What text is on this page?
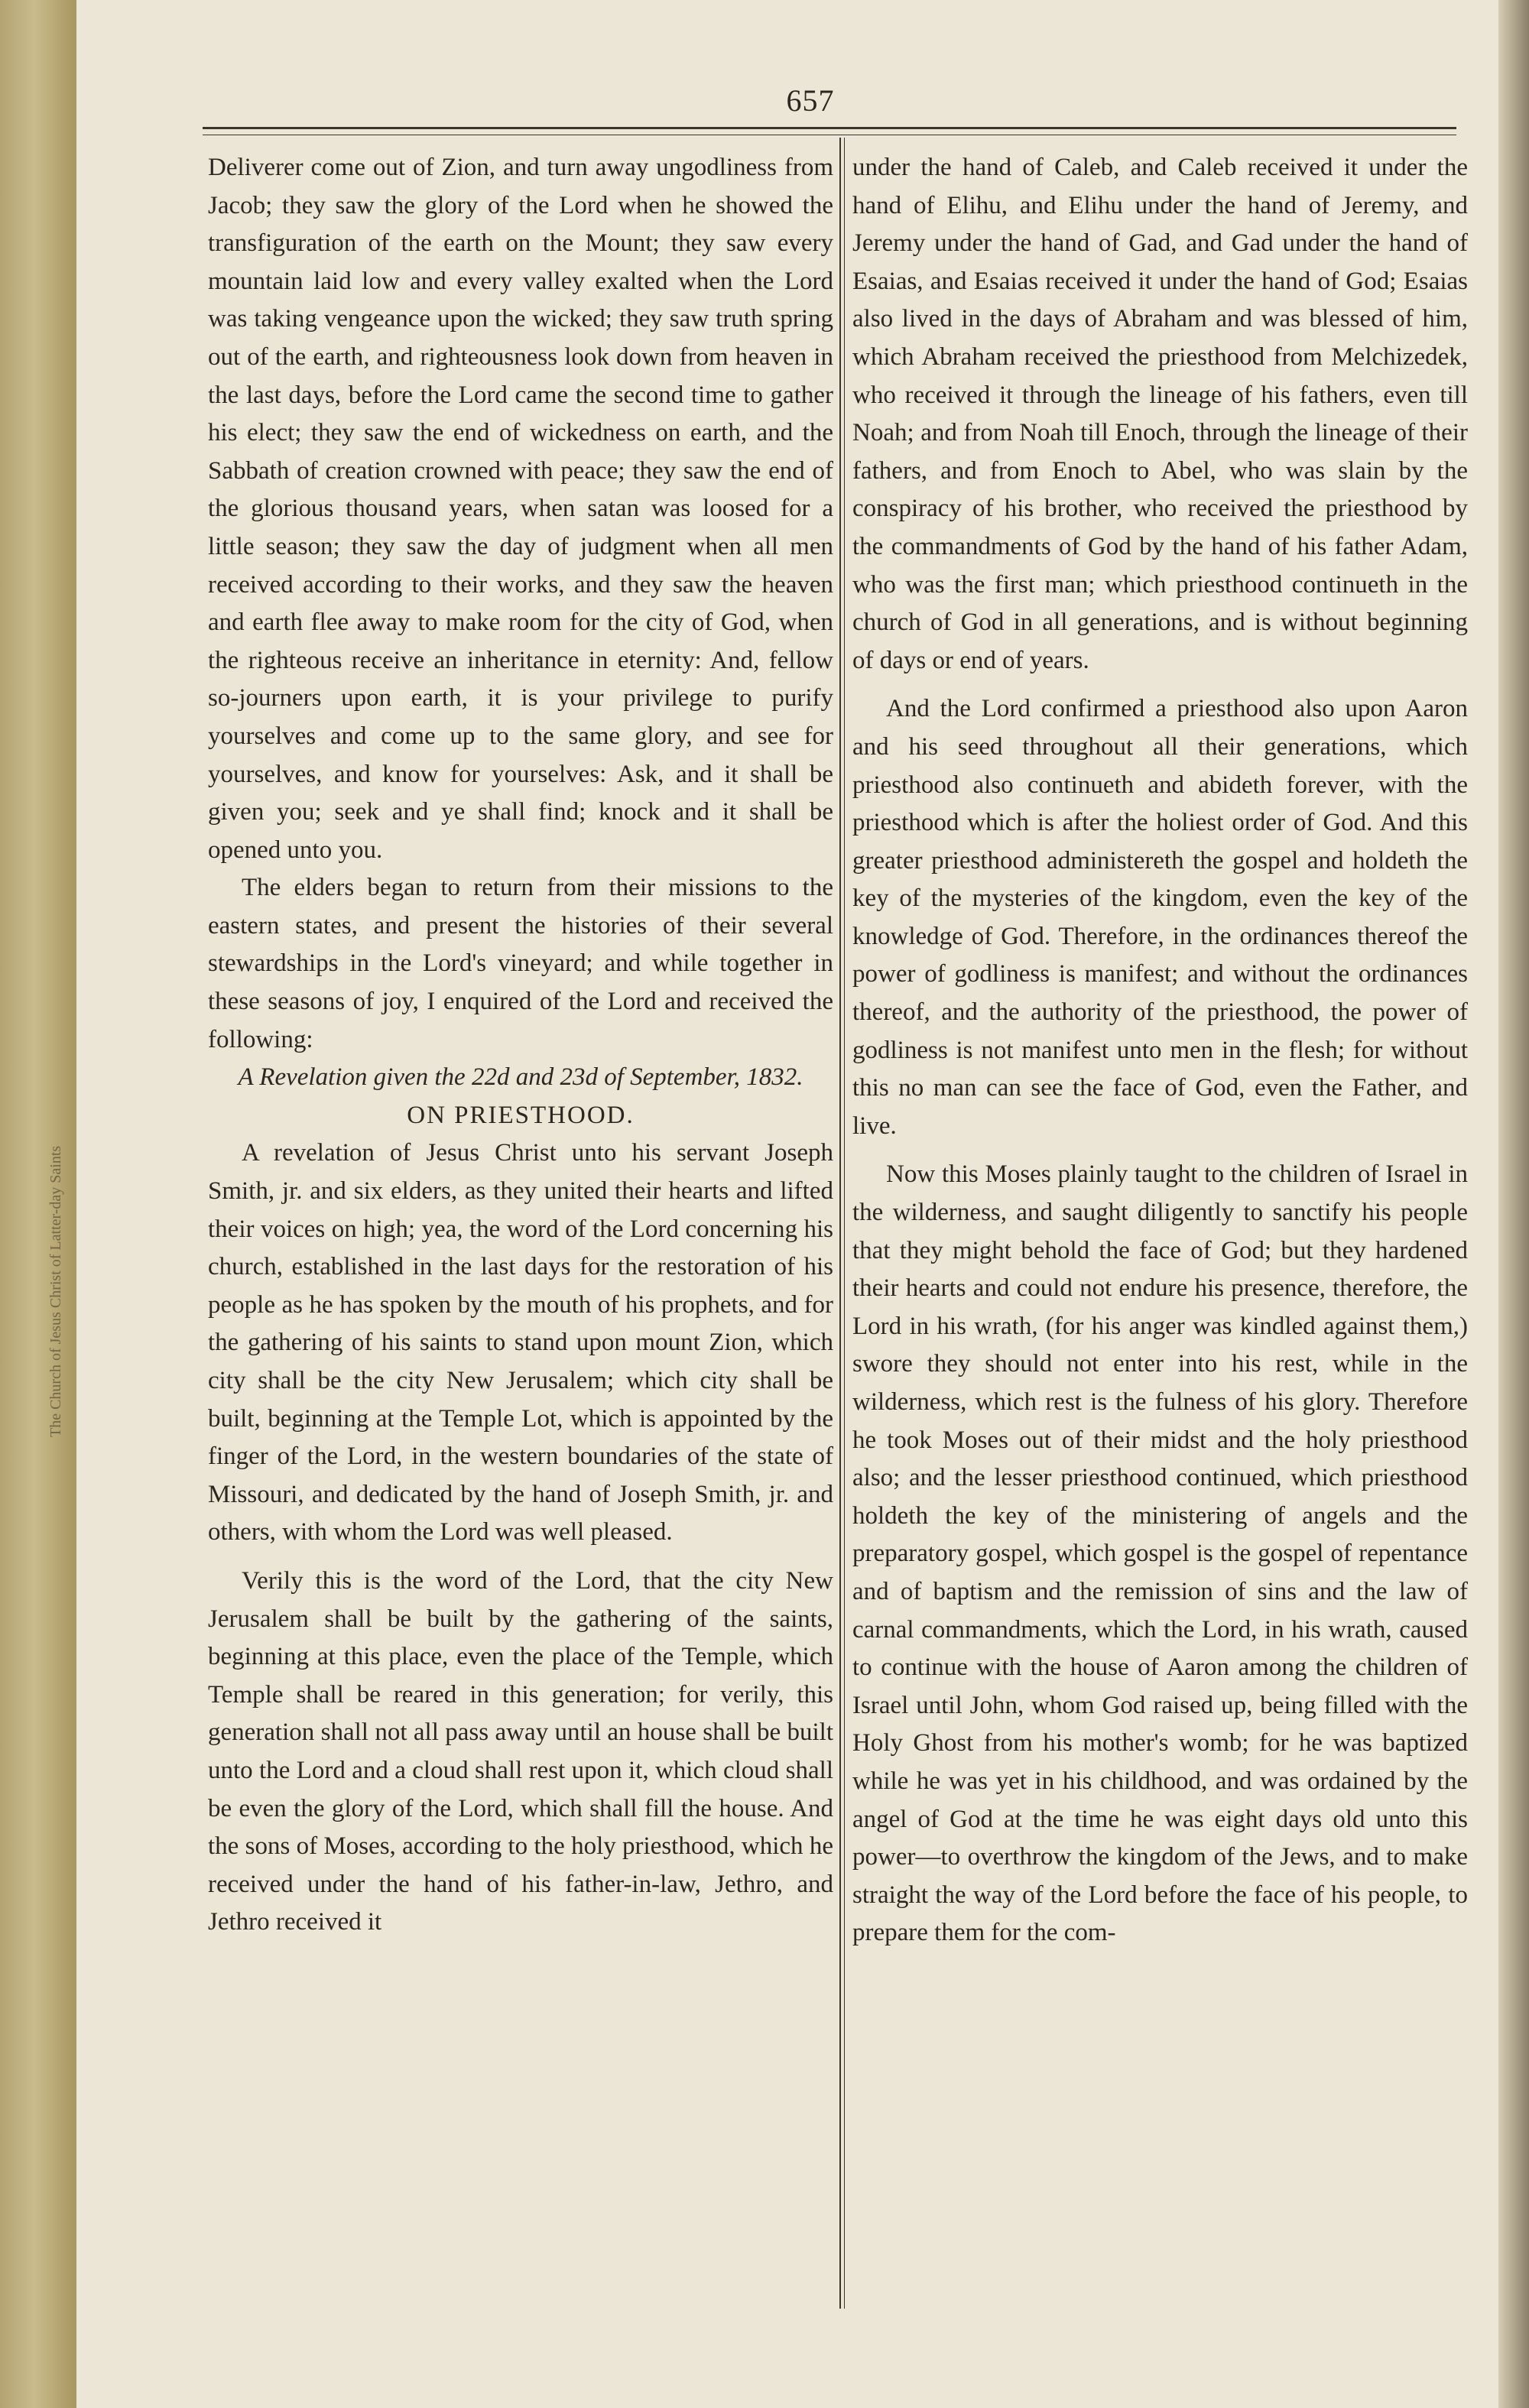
The Church of Jesus Christ of Latter-day Saints
657

Deliverer come out of Zion, and turn away ungodliness from Jacob; they saw the glory of the Lord when he showed the transfiguration of the earth on the Mount; they saw every mountain laid low and every valley exalted when the Lord was taking vengeance upon the wicked; they saw truth spring out of the earth, and righteousness look down from heaven in the last days, before the Lord came the second time to gather his elect; they saw the end of wickedness on earth, and the Sabbath of creation crowned with peace; they saw the end of the glorious thousand years, when satan was loosed for a little season; they saw the day of judgment when all men received according to their works, and they saw the heaven and earth flee away to make room for the city of God, when the righteous receive an inheritance in eternity: And, fellow so-journers upon earth, it is your privilege to purify yourselves and come up to the same glory, and see for yourselves, and know for yourselves: Ask, and it shall be given you; seek and ye shall find; knock and it shall be opened unto you.

The elders began to return from their missions to the eastern states, and present the histories of their several stewardships in the Lord's vineyard; and while together in these seasons of joy, I enquired of the Lord and received the following:

A Revelation given the 22d and 23d of September, 1832.

ON PRIESTHOOD.

A revelation of Jesus Christ unto his servant Joseph Smith, jr. and six elders, as they united their hearts and lifted their voices on high; yea, the word of the Lord concerning his church, established in the last days for the restoration of his people as he has spoken by the mouth of his prophets, and for the gathering of his saints to stand upon mount Zion, which city shall be the city New Jerusalem; which city shall be built, beginning at the Temple Lot, which is appointed by the finger of the Lord, in the western boundaries of the state of Missouri, and dedicated by the hand of Joseph Smith, jr. and others, with whom the Lord was well pleased.

Verily this is the word of the Lord, that the city New Jerusalem shall be built by the gathering of the saints, beginning at this place, even the place of the Temple, which Temple shall be reared in this generation; for verily, this generation shall not all pass away until an house shall be built unto the Lord and a cloud shall rest upon it, which cloud shall be even the glory of the Lord, which shall fill the house. And the sons of Moses, according to the holy priesthood, which he received under the hand of his father-in-law, Jethro, and Jethro received it

under the hand of Caleb, and Caleb received it under the hand of Elihu, and Elihu under the hand of Jeremy, and Jeremy under the hand of Gad, and Gad under the hand of Esaias, and Esaias received it under the hand of God; Esaias also lived in the days of Abraham and was blessed of him, which Abraham received the priesthood from Melchizedek, who received it through the lineage of his fathers, even till Noah; and from Noah till Enoch, through the lineage of their fathers, and from Enoch to Abel, who was slain by the conspiracy of his brother, who received the priesthood by the commandments of God by the hand of his father Adam, who was the first man; which priesthood continueth in the church of God in all generations, and is without beginning of days or end of years.

And the Lord confirmed a priesthood also upon Aaron and his seed throughout all their generations, which priesthood also continueth and abideth forever, with the priesthood which is after the holiest order of God. And this greater priesthood administereth the gospel and holdeth the key of the mysteries of the kingdom, even the key of the knowledge of God. Therefore, in the ordinances thereof the power of godliness is manifest; and without the ordinances thereof, and the authority of the priesthood, the power of godliness is not manifest unto men in the flesh; for without this no man can see the face of God, even the Father, and live.

Now this Moses plainly taught to the children of Israel in the wilderness, and saught diligently to sanctify his people that they might behold the face of God; but they hardened their hearts and could not endure his presence, therefore, the Lord in his wrath, (for his anger was kindled against them,) swore they should not enter into his rest, while in the wilderness, which rest is the fulness of his glory. Therefore he took Moses out of their midst and the holy priesthood also; and the lesser priesthood continued, which priesthood holdeth the key of the ministering of angels and the preparatory gospel, which gospel is the gospel of repentance and of baptism and the remission of sins and the law of carnal commandments, which the Lord, in his wrath, caused to continue with the house of Aaron among the children of Israel until John, whom God raised up, being filled with the Holy Ghost from his mother's womb; for he was baptized while he was yet in his childhood, and was ordained by the angel of God at the time he was eight days old unto this power—to overthrow the kingdom of the Jews, and to make straight the way of the Lord before the face of his people, to prepare them for the com-
